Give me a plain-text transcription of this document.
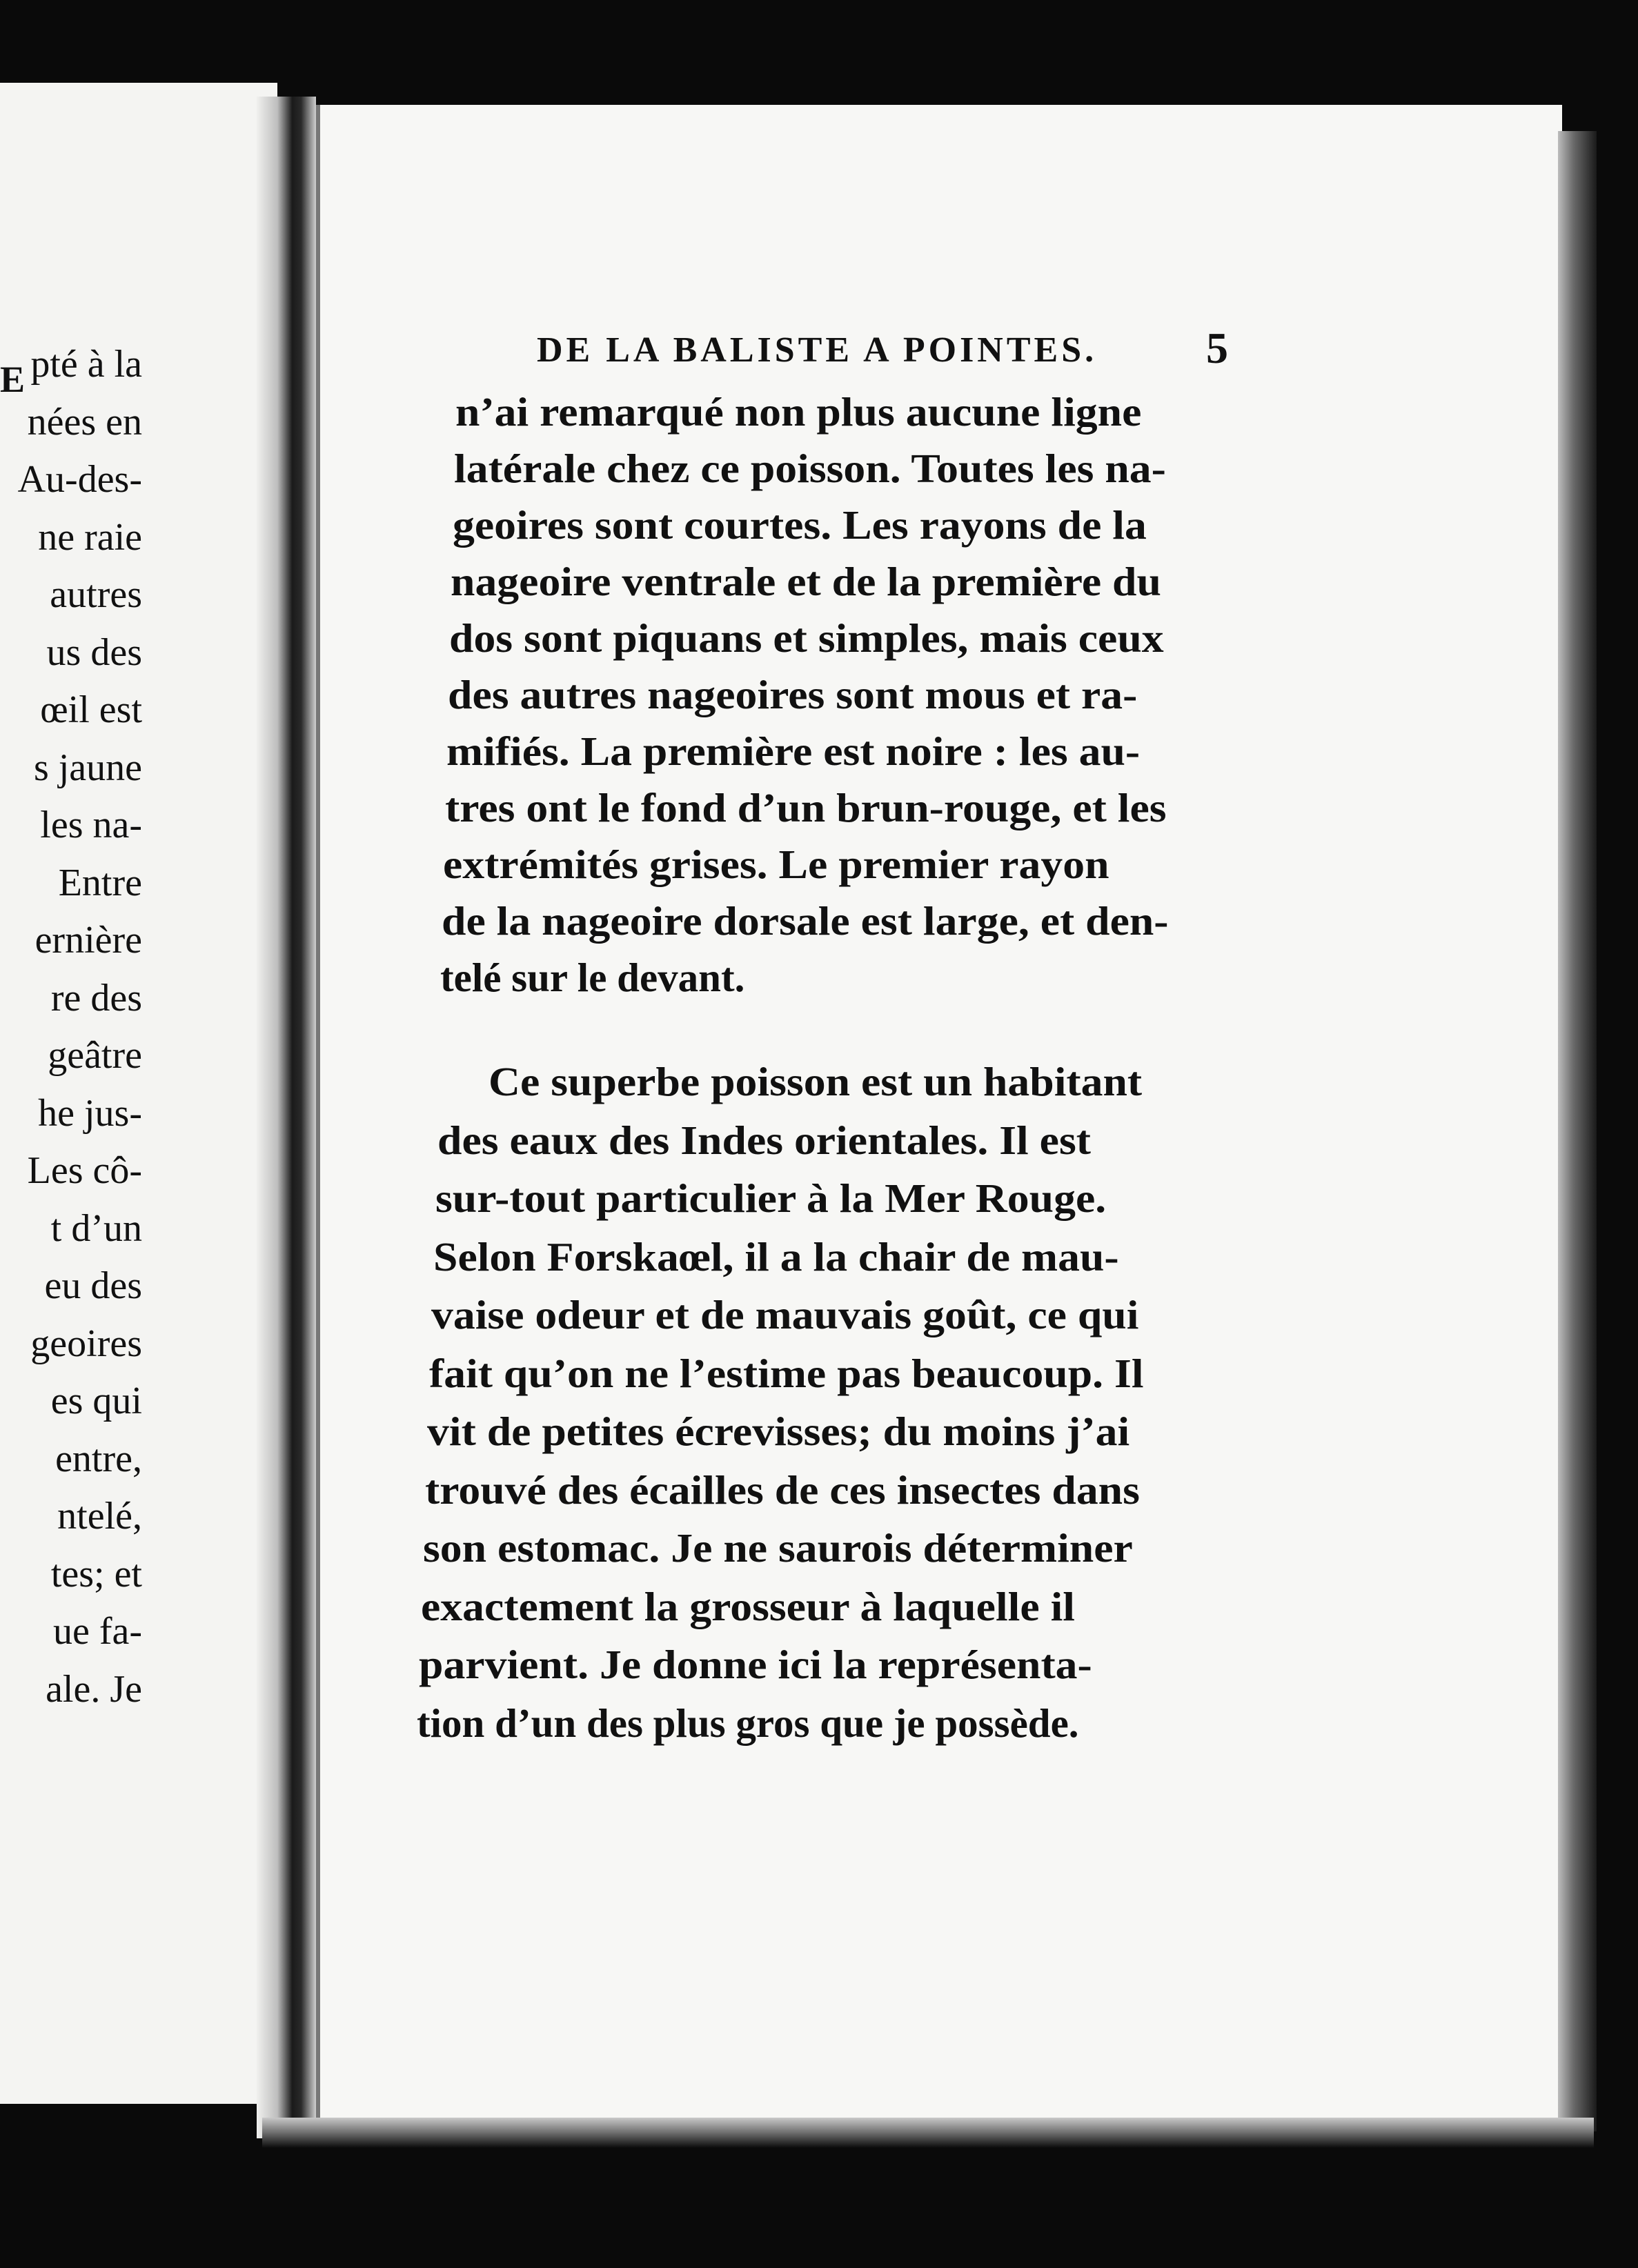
E pté à la
nées en
Au-des-
ne raie
autres
us des
œil est
s jaune
les na-
Entre
ernière
re des
geâtre
he jus-
Les cô-
t d’un
eu des
geoires
es qui
entre,
ntelé,
tes; et
ue fa-
ale. Je
DE LA BALISTE A POINTES. 5
n’ai remarqué non plus aucune ligne
latérale chez ce poisson. Toutes les na-
geoires sont courtes. Les rayons de la
nageoire ventrale et de la première du
dos sont piquans et simples, mais ceux
des autres nageoires sont mous et ra-
mifiés. La première est noire : les au-
tres ont le fond d’un brun-rouge, et les
extrémités grises. Le premier rayon
de la nageoire dorsale est large, et den-
telé sur le devant.
Ce superbe poisson est un habitant
des eaux des Indes orientales. Il est
sur-tout particulier à la Mer Rouge.
Selon Forskaœl, il a la chair de mau-
vaise odeur et de mauvais goût, ce qui
fait qu’on ne l’estime pas beaucoup. Il
vit de petites écrevisses; du moins j’ai
trouvé des écailles de ces insectes dans
son estomac. Je ne saurois déterminer
exactement la grosseur à laquelle il
parvient. Je donne ici la représenta-
tion d’un des plus gros que je possède.
